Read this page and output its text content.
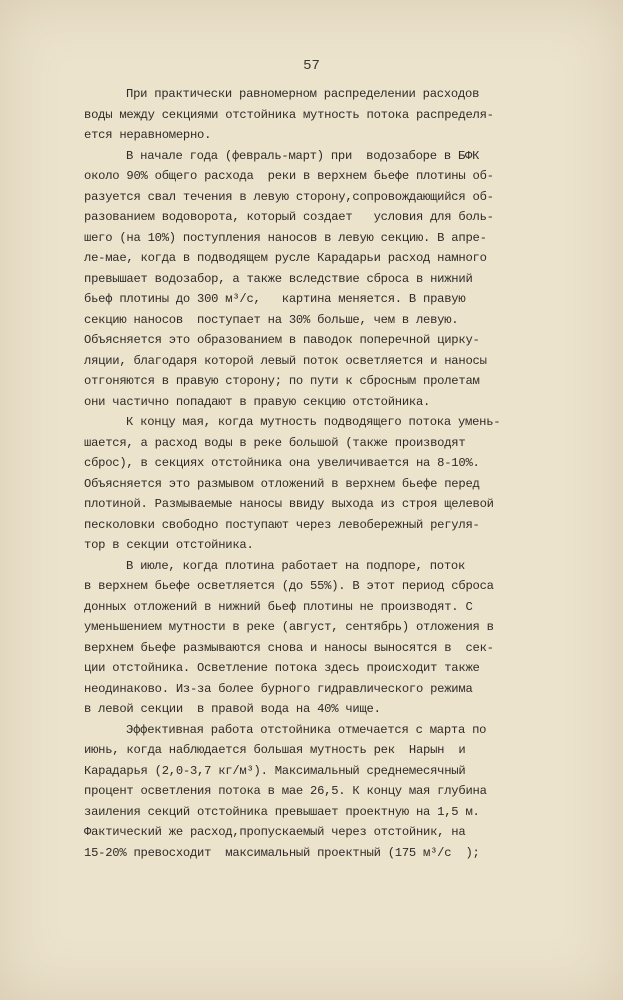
57
При практически равномерном распределении расходов
воды между секциями отстойника мутность потока распределя-
ется неравномерно.
В начале года (февраль-март) при  водозаборе в БФК
около 90% общего расхода  реки в верхнем бьефе плотины об-
разуется свал течения в левую сторону,сопровождающийся об-
разованием водоворота, который создает   условия для боль-
шего (на 10%) поступления наносов в левую секцию. В апре-
ле-мае, когда в подводящем русле Карадарьи расход намного
превышает водозабор, а также вследствие сброса в нижний
бьеф плотины до 300 м³/с,   картина меняется. В правую
секцию наносов  поступает на 30% больше, чем в левую.
Объясняется это образованием в паводок поперечной цирку-
ляции, благодаря которой левый поток осветляется и наносы
отгоняются в правую сторону; по пути к сбросным пролетам
они частично попадают в правую секцию отстойника.
К концу мая, когда мутность подводящего потока умень-
шается, а расход воды в реке большой (также производят
сброс), в секциях отстойника она увеличивается на 8-10%.
Объясняется это размывом отложений в верхнем бьефе перед
плотиной. Размываемые наносы ввиду выхода из строя щелевой
песколовки свободно поступают через левобережный регуля-
тор в секции отстойника.
В июле, когда плотина работает на подпоре, поток
в верхнем бьефе осветляется (до 55%). В этот период сброса
донных отложений в нижний бьеф плотины не производят. С
уменьшением мутности в реке (август, сентябрь) отложения в
верхнем бьефе размываются снова и наносы выносятся в  сек-
ции отстойника. Осветление потока здесь происходит также
неодинаково. Из-за более бурного гидравлического режима
в левой секции  в правой вода на 40% чище.
Эффективная работа отстойника отмечается с марта по
июнь, когда наблюдается большая мутность рек  Нарын  и
Карадарья (2,0-3,7 кг/м³). Максимальный среднемесячный
процент осветления потока в мае 26,5. К концу мая глубина
заиления секций отстойника превышает проектную на 1,5 м.
Фактический же расход,пропускаемый через отстойник, на
15-20% превосходит  максимальный проектный (175 м³/с  );
